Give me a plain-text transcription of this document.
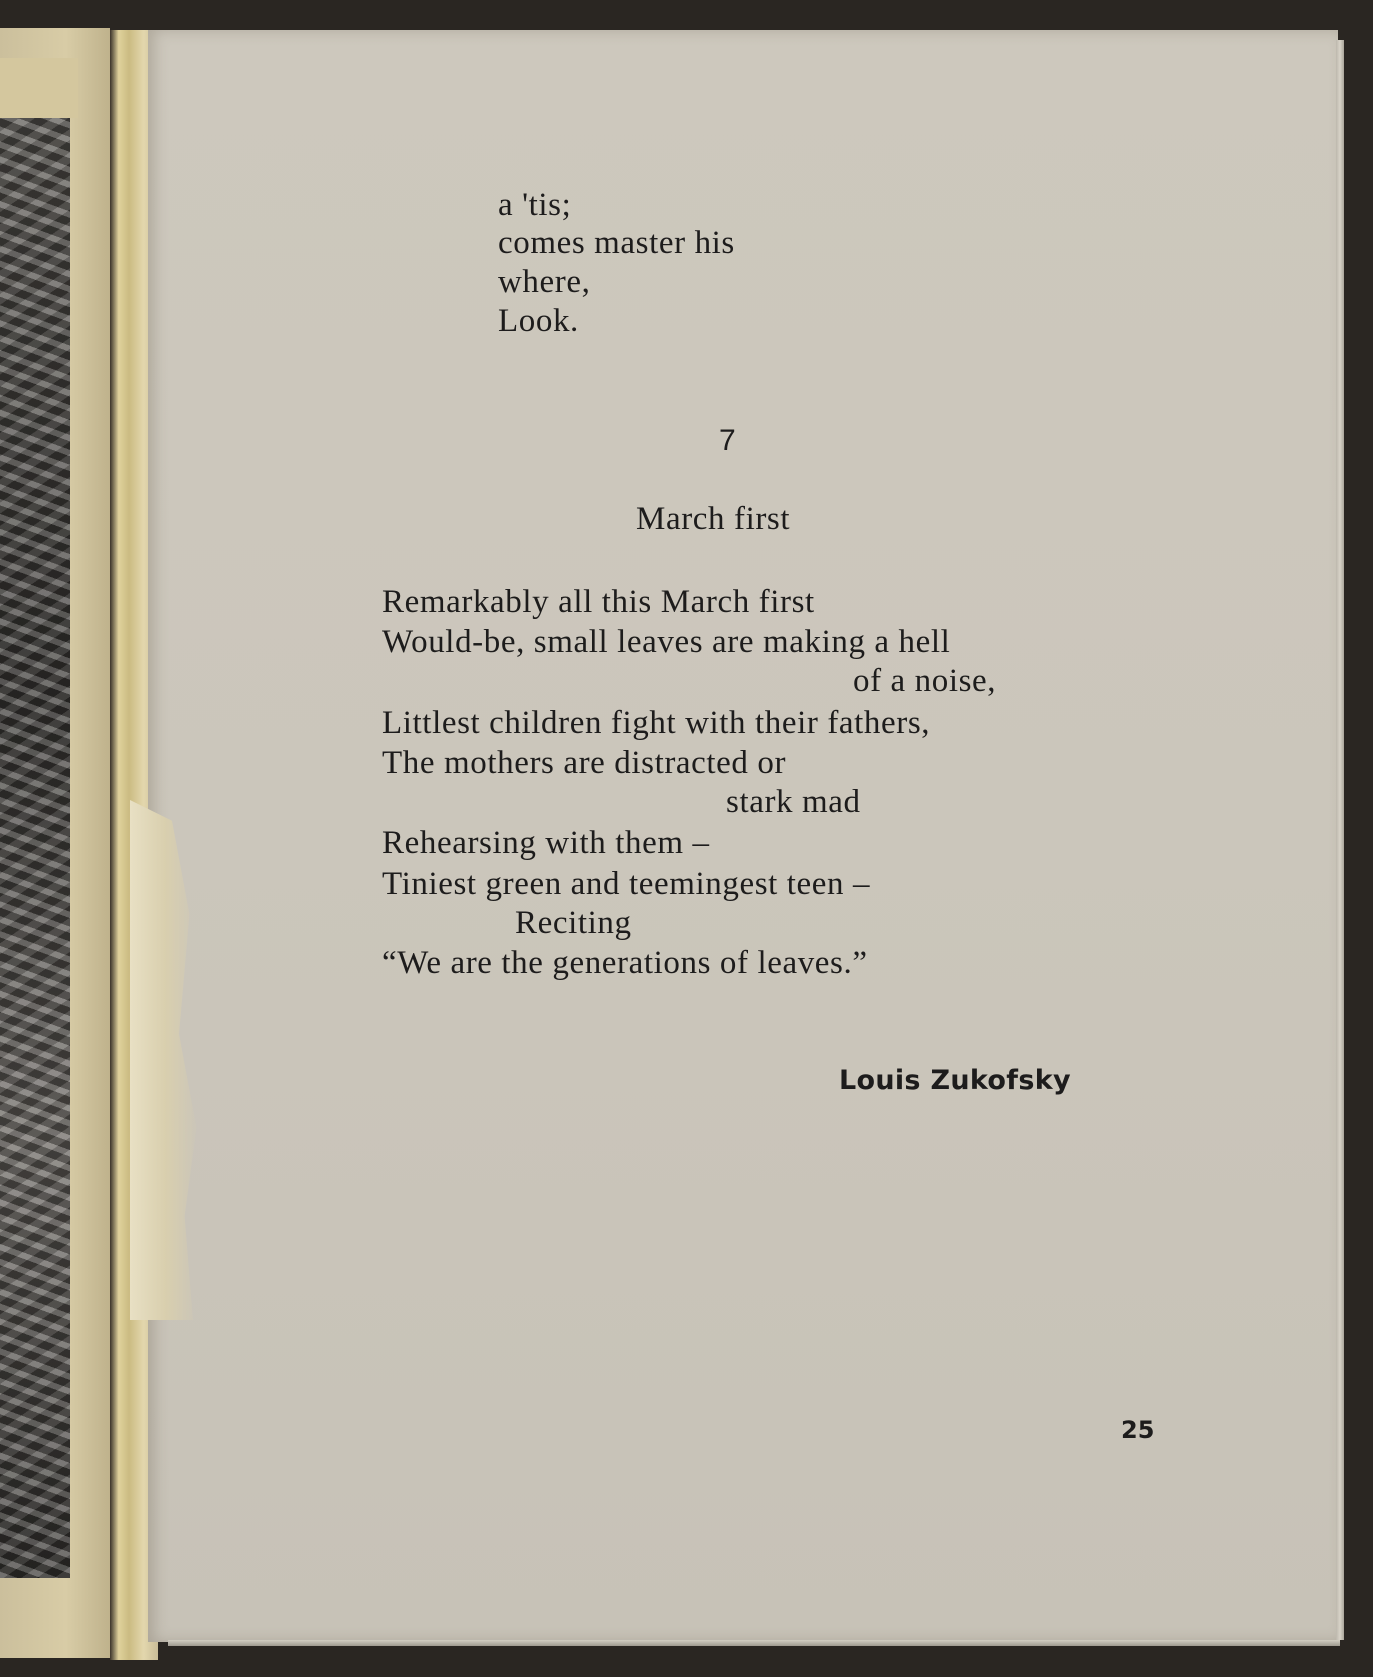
a 'tis;
comes master his
where,
Look.
7
March first
Remarkably all this March first
Would-be, small leaves are making a hell
of a noise,
Littlest children fight with their fathers,
The mothers are distracted or
stark mad
Rehearsing with them –
Tiniest green and teemingest teen –
Reciting
“We are the generations of leaves.”
Louis Zukofsky
25
